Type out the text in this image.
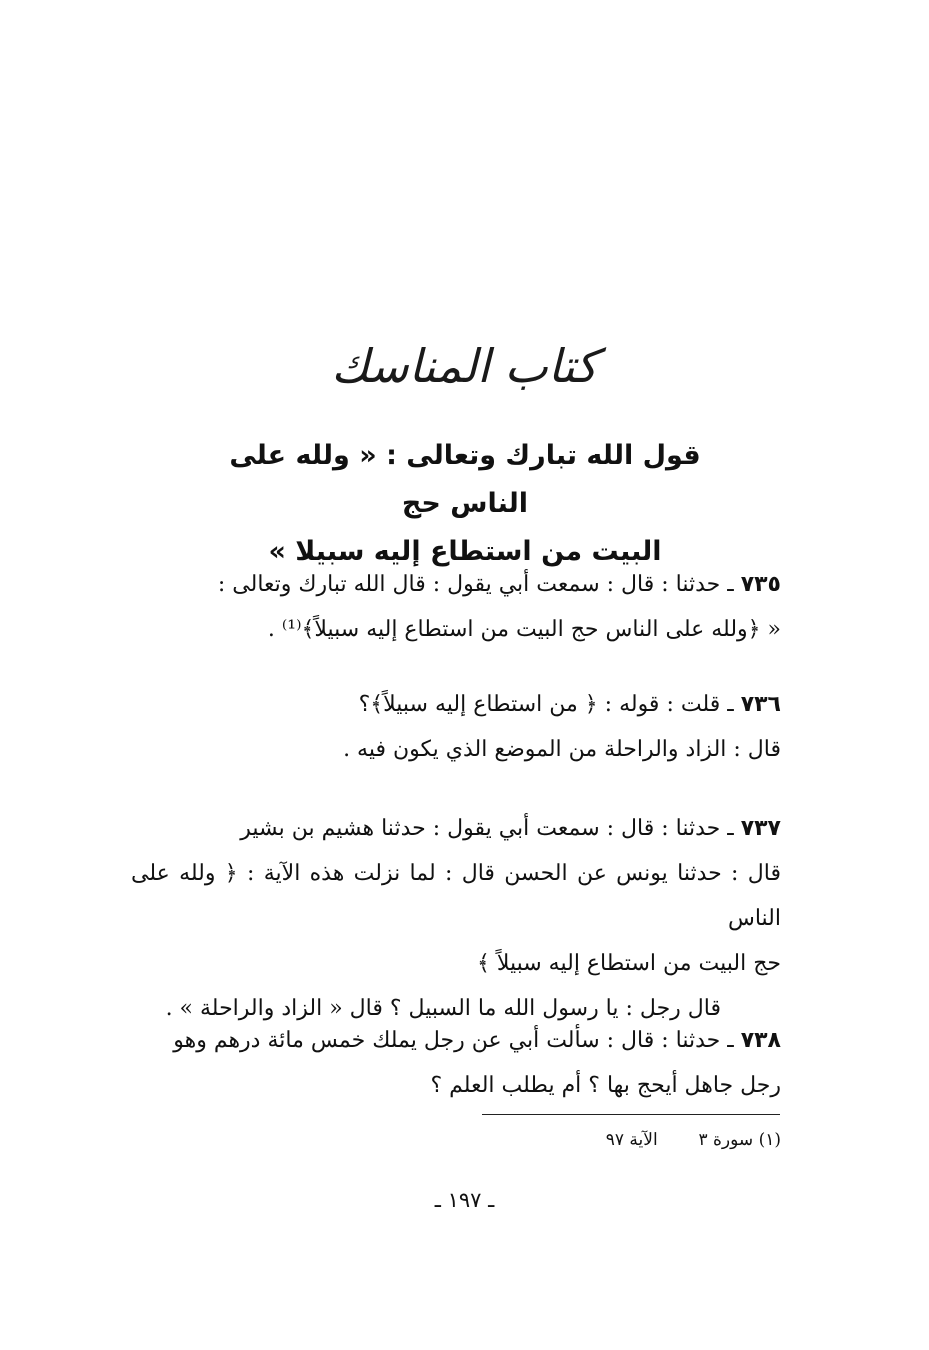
كتاب المناسك
قول الله تبارك وتعالى : « ولله على الناس حج
البيت من استطاع إليه سبيلا »

٧٣٥ ـ حدثنا : قال : سمعت أبي يقول : قال الله تبارك وتعالى :

« ﴿ولله على الناس حج البيت من استطاع إليه سبيلاً﴾⁽¹⁾ .

٧٣٦ ـ قلت : قوله : ﴿ من استطاع إليه سبيلاً﴾؟

قال : الزاد والراحلة من الموضع الذي يكون فيه .

٧٣٧ ـ حدثنا : قال : سمعت أبي يقول : حدثنا هشيم بن بشير

قال : حدثنا يونس عن الحسن قال : لما نزلت هذه الآية : ﴿ ولله على الناس

حج البيت من استطاع إليه سبيلاً ﴾

قال رجل : يا رسول الله ما السبيل ؟ قال « الزاد والراحلة » .

٧٣٨ ـ حدثنا : قال : سألت أبي عن رجل يملك خمس مائة درهم وهو

رجل جاهل أيحج بها ؟ أم يطلب العلم ؟

(١) سورة ٣  الآية ٩٧
ـ ١٩٧ ـ
